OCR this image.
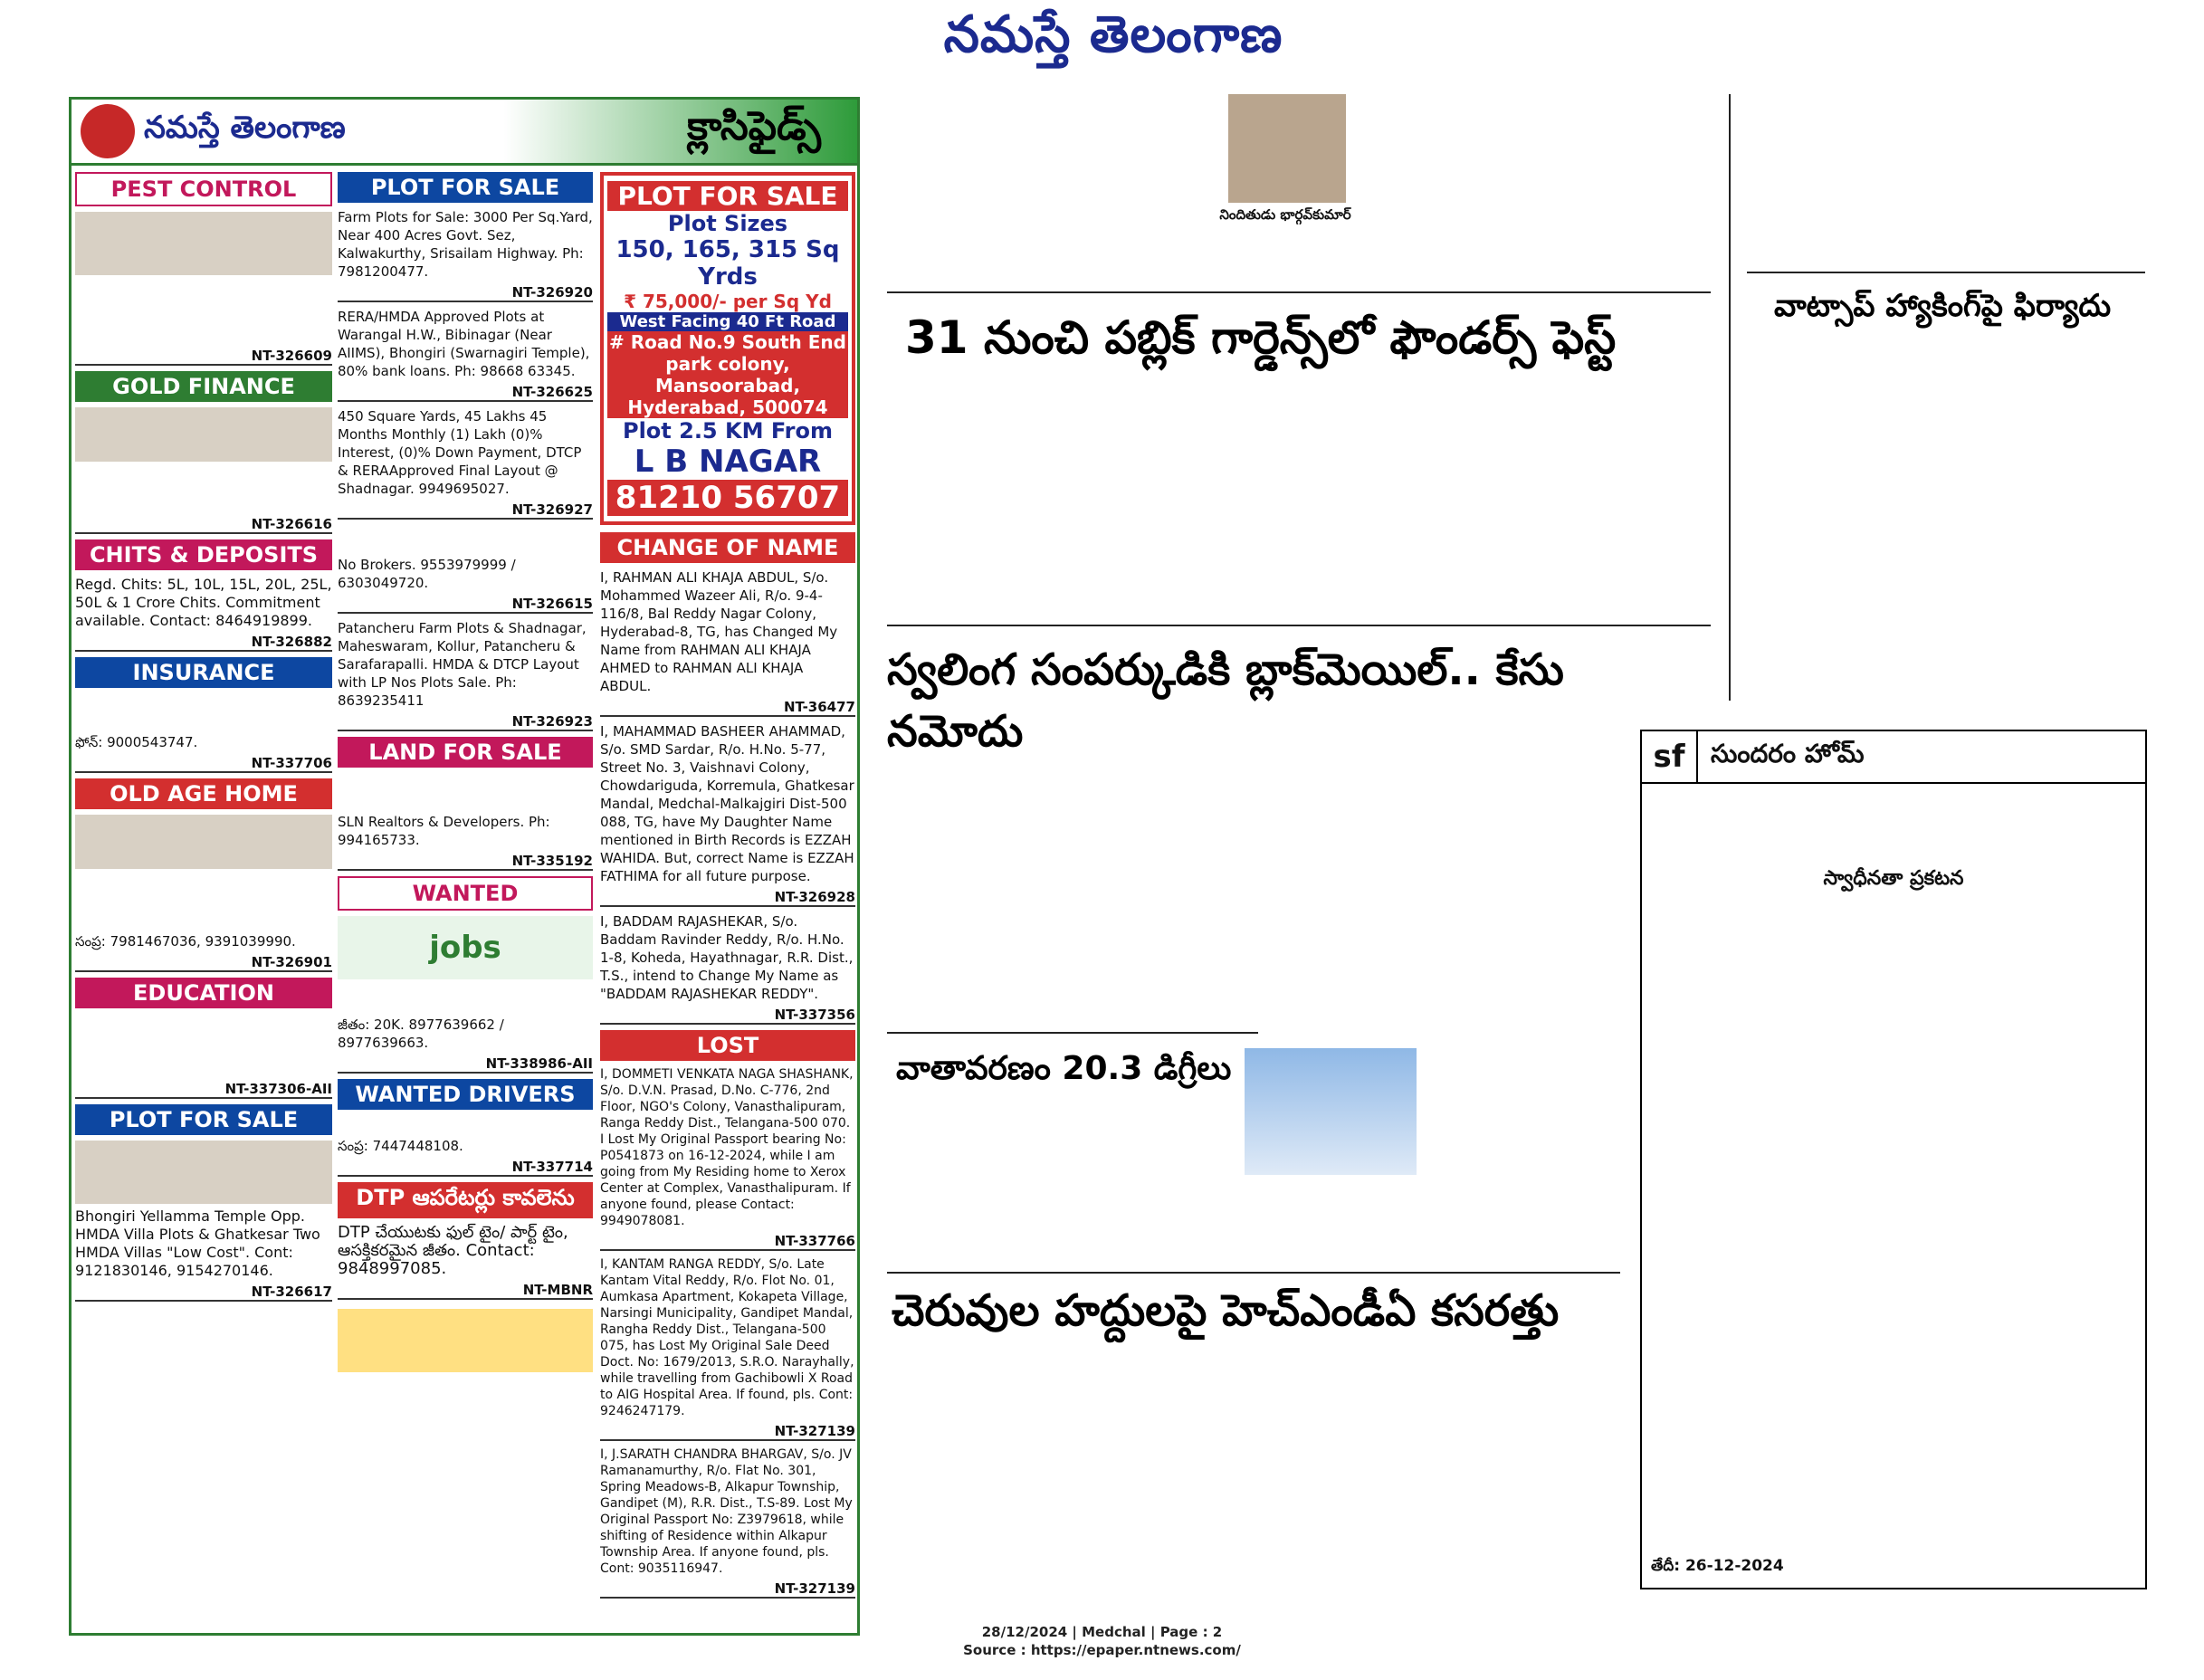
నమస్తే తెలంగాణ
నమస్తే తెలంగాణ	క్లాసిఫైడ్స్
PEST CONTROL
NT-326609
GOLD FINANCE
NT-326616
CHITS & DEPOSITS
Regd. Chits: 5L, 10L, 15L, 20L, 25L, 50L & 1 Crore Chits. Commitment available. Contact: 8464919899.
NT-326882
INSURANCE
ఫోన్: 9000543747.
NT-337706
OLD AGE HOME
సంప్ర: 7981467036, 9391039990.
NT-326901
EDUCATION
NT-337306-AII
PLOT FOR SALE
Bhongiri Yellamma Temple Opp. HMDA Villa Plots & Ghatkesar Two HMDA Villas "Low Cost". Cont: 9121830146, 9154270146.
NT-326617
PLOT FOR SALE
Farm Plots for Sale: 3000 Per Sq.Yard, Near 400 Acres Govt. Sez, Kalwakurthy, Srisailam Highway. Ph: 7981200477.
NT-326920
RERA/HMDA Approved Plots at Warangal H.W., Bibinagar (Near AIIMS), Bhongiri (Swarnagiri Temple), 80% bank loans. Ph: 98668 63345.
NT-326625
450 Square Yards, 45 Lakhs 45 Months Monthly (1) Lakh (0)% Interest, (0)% Down Payment, DTCP & RERAApproved Final Layout @ Shadnagar. 9949695027.
NT-326927
No Brokers. 9553979999 / 6303049720.
NT-326615
Patancheru Farm Plots & Shadnagar, Maheswaram, Kollur, Patancheru & Sarafarapalli. HMDA & DTCP Layout with LP Nos Plots Sale. Ph: 8639235411
NT-326923
LAND FOR SALE
SLN Realtors & Developers. Ph: 994165733.
NT-335192
WANTED
jobs
జీతం: 20K. 8977639662 / 8977639663.
NT-338986-AII
WANTED DRIVERS
సంప్ర: 7447448108.
NT-337714
DTP ఆపరేటర్లు కావలెను
DTP చేయుటకు ఫుల్ టైం/ పార్ట్ టైం, ఆసక్తికరమైన జీతం. Contact: 9848997085.
NT-MBNR
PLOT FOR SALE
Plot Sizes
150, 165, 315 Sq Yrds
₹ 75,000/- per Sq Yd
West Facing 40 Ft Road
# Road No.9 South End park colony, Mansoorabad, Hyderabad, 500074
Plot 2.5 KM From
L B NAGAR
81210 56707
CHANGE OF NAME
I, RAHMAN ALI KHAJA ABDUL, S/o. Mohammed Wazeer Ali, R/o. 9-4-116/8, Bal Reddy Nagar Colony, Hyderabad-8, TG, has Changed My Name from RAHMAN ALI KHAJA AHMED to RAHMAN ALI KHAJA ABDUL.
NT-36477
I, MAHAMMAD BASHEER AHAMMAD, S/o. SMD Sardar, R/o. H.No. 5-77, Street No. 3, Vaishnavi Colony, Chowdariguda, Korremula, Ghatkesar Mandal, Medchal-Malkajgiri Dist-500 088, TG, have My Daughter Name mentioned in Birth Records is EZZAH WAHIDA. But, correct Name is EZZAH FATHIMA for all future purpose.
NT-326928
I, BADDAM RAJASHEKAR, S/o. Baddam Ravinder Reddy, R/o. H.No. 1-8, Koheda, Hayathnagar, R.R. Dist., T.S., intend to Change My Name as "BADDAM RAJASHEKAR REDDY".
NT-337356
LOST
I, DOMMETI VENKATA NAGA SHASHANK, S/o. D.V.N. Prasad, D.No. C-776, 2nd Floor, NGO's Colony, Vanasthalipuram, Ranga Reddy Dist., Telangana-500 070. I Lost My Original Passport bearing No: P0541873 on 16-12-2024, while I am going from My Residing home to Xerox Center at Complex, Vanasthalipuram. If anyone found, please Contact: 9949078081.
NT-337766
I, KANTAM RANGA REDDY, S/o. Late Kantam Vital Reddy, R/o. Flot No. 01, Aumkasa Apartment, Kokapeta Village, Narsingi Municipality, Gandipet Mandal, Rangha Reddy Dist., Telangana-500 075, has Lost My Original Sale Deed Doct. No: 1679/2013, S.R.O. Narayhally, while travelling from Gachibowli X Road to AIG Hospital Area. If found, pls. Cont: 9246247179.
NT-327139
I, J.SARATH CHANDRA BHARGAV, S/o. JV Ramanamurthy, R/o. Flat No. 301, Spring Meadows-B, Alkapur Township, Gandipet (M), R.R. Dist., T.S-89. Lost My Original Passport No: Z3979618, while shifting of Residence within Alkapur Township Area. If anyone found, pls. Cont: 9035116947.
NT-327139
నిందితుడు భార్గవ్‌కుమార్
31 నుంచి పబ్లిక్ గార్డెన్స్‌లో ఫౌండర్స్ ఫెస్ట్
స్వలింగ సంపర్కుడికి బ్లాక్‌మెయిల్.. కేసు నమోదు
వాతావరణం 20.3 డిగ్రీలు
చెరువుల హద్దులపై హెచ్‌ఎండీఏ కసరత్తు
వాట్సాప్ హ్యాకింగ్‌పై ఫిర్యాదు
sf	సుందరం హోమ్
స్వాధీనతా ప్రకటన
తేదీ: 26-12-2024
28/12/2024 | Medchal | Page : 2
Source : https://epaper.ntnews.com/
